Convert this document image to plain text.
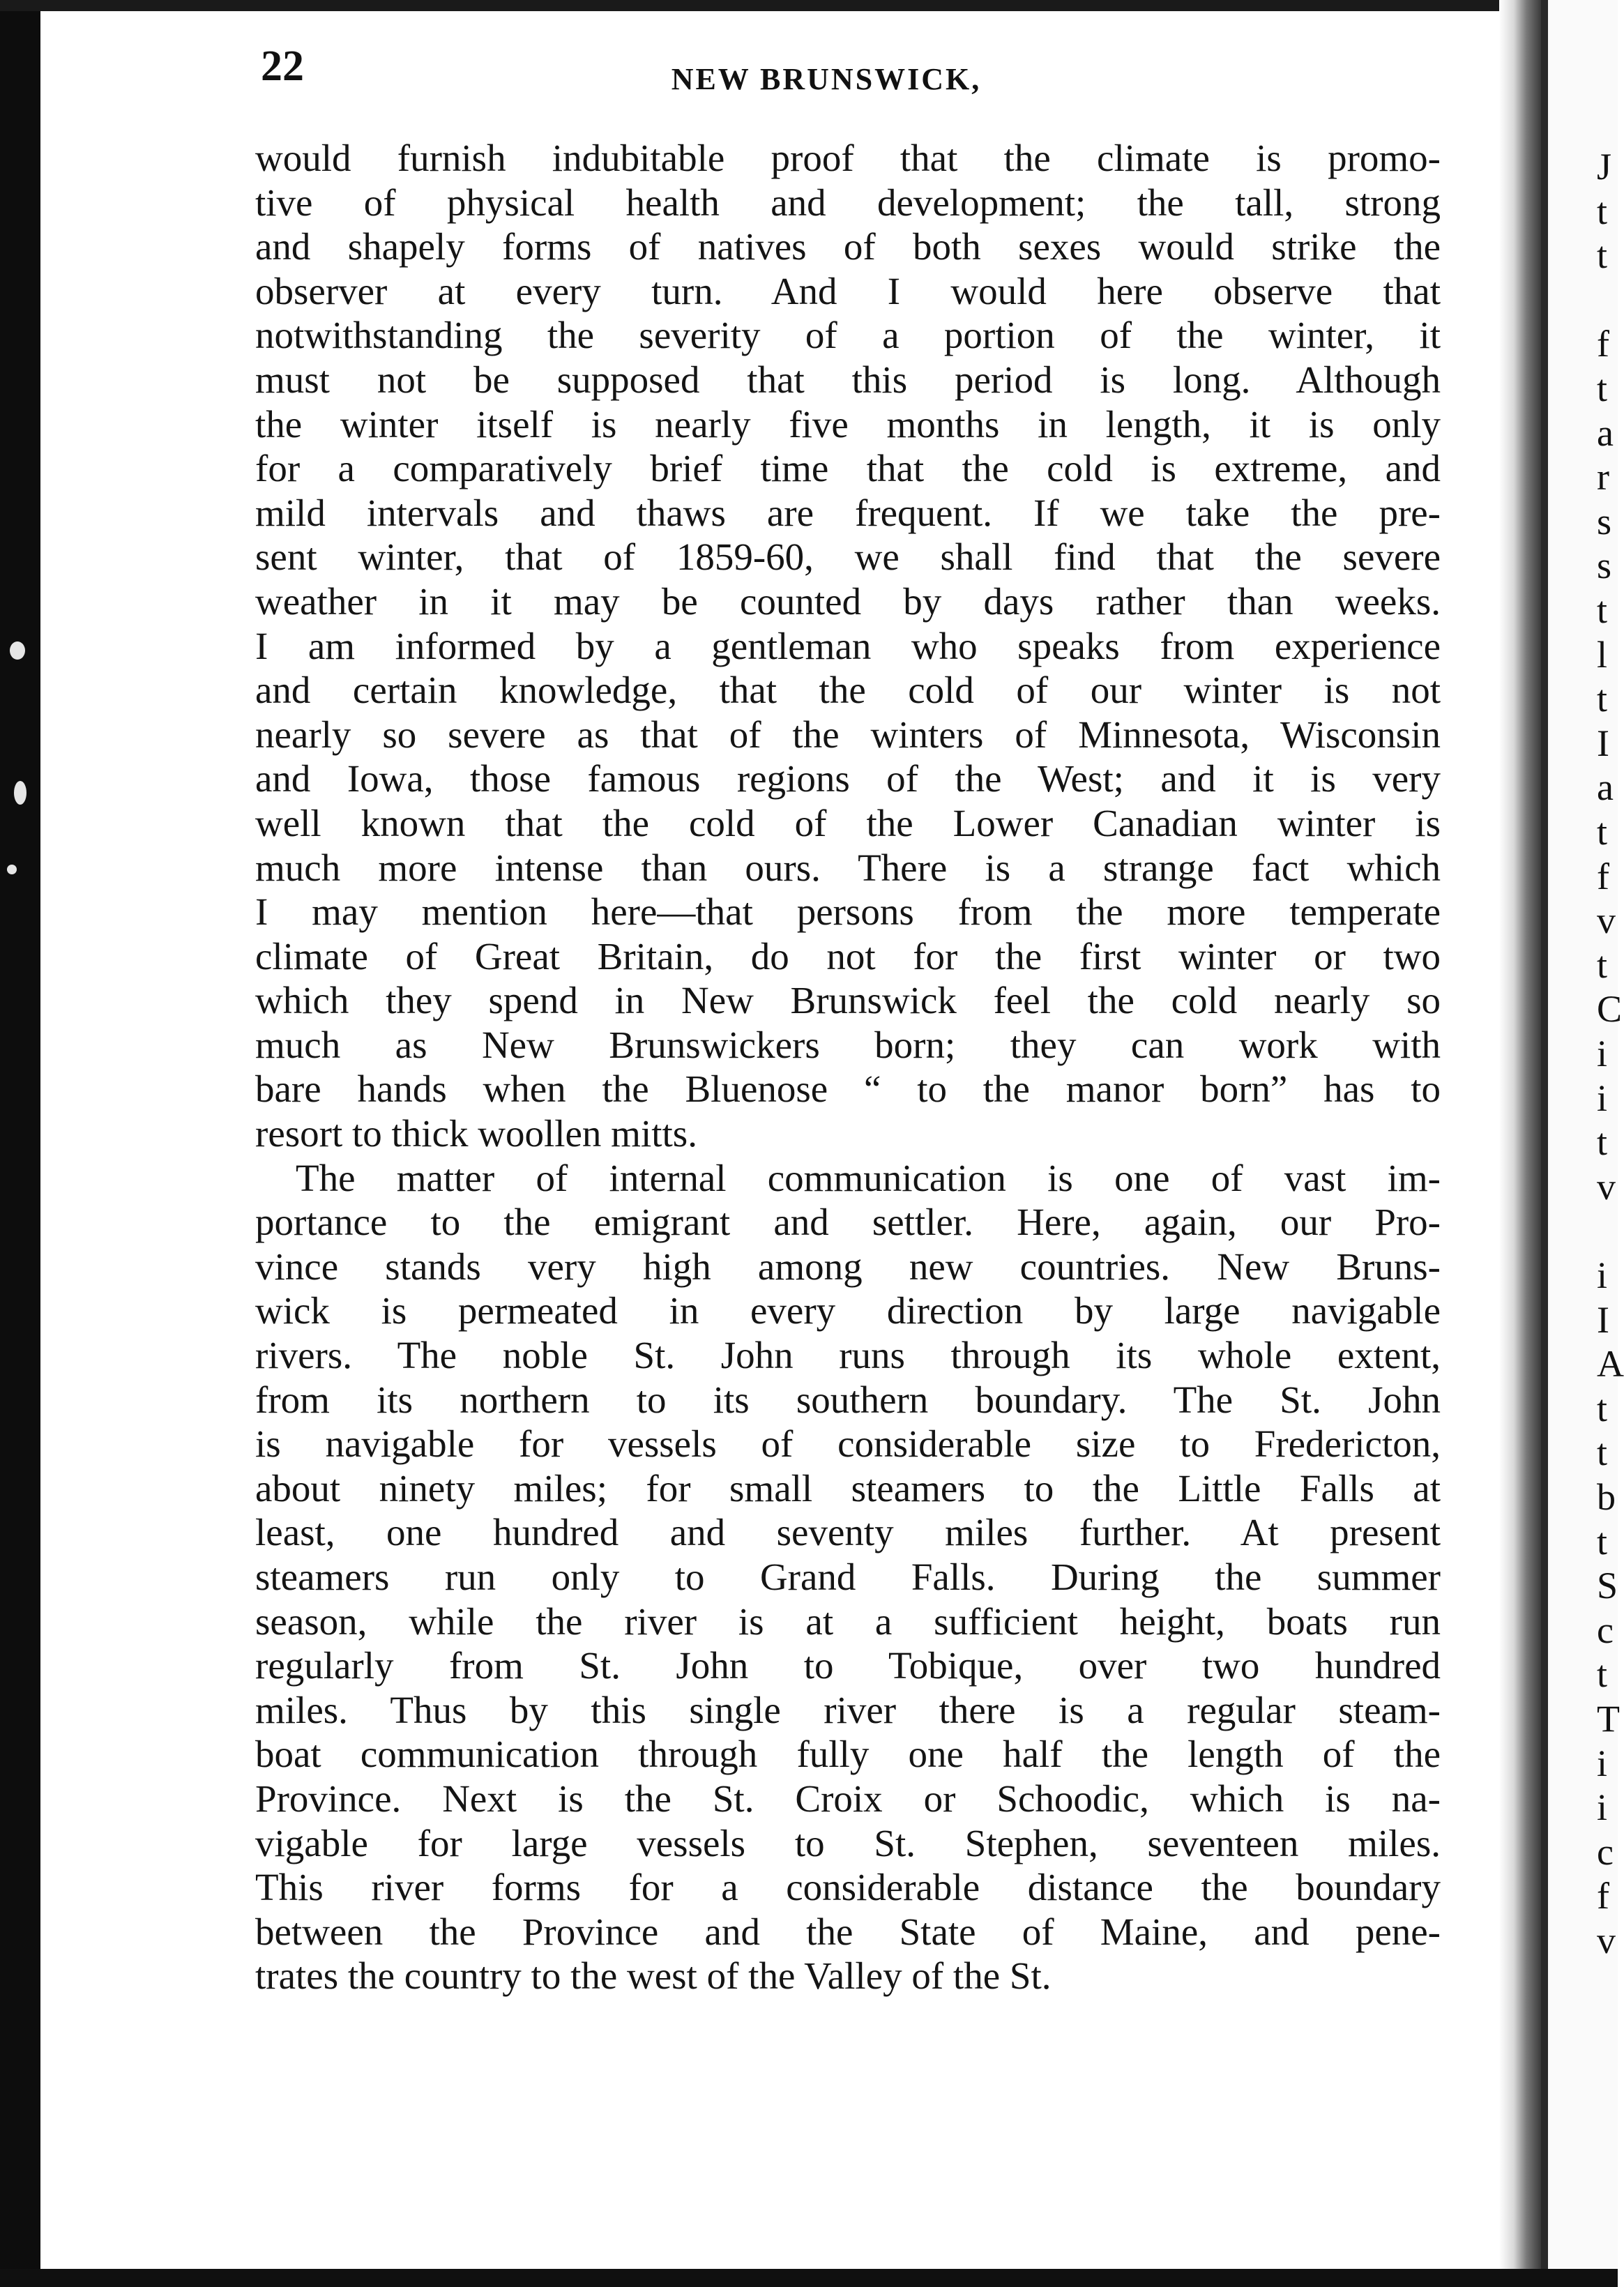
22	NEW BRUNSWICK,
would furnish indubitable proof that the climate is promo-
tive of physical health and development; the tall, strong
and shapely forms of natives of both sexes would strike the
observer at every turn. And I would here observe that
notwithstanding the severity of a portion of the winter, it
must not be supposed that this period is long. Although
the winter itself is nearly five months in length, it is only
for a comparatively brief time that the cold is extreme, and
mild intervals and thaws are frequent. If we take the pre-
sent winter, that of 1859-60, we shall find that the severe
weather in it may be counted by days rather than weeks.
I am informed by a gentleman who speaks from experience
and certain knowledge, that the cold of our winter is not
nearly so severe as that of the winters of Minnesota, Wisconsin
and Iowa, those famous regions of the West; and it is very
well known that the cold of the Lower Canadian winter is
much more intense than ours. There is a strange fact which
I may mention here—that persons from the more temperate
climate of Great Britain, do not for the first winter or two
which they spend in New Brunswick feel the cold nearly so
much as New Brunswickers born; they can work with
bare hands when the Bluenose “ to the manor born” has to
resort to thick woollen mitts.
The matter of internal communication is one of vast im-
portance to the emigrant and settler. Here, again, our Pro-
vince stands very high among new countries. New Bruns-
wick is permeated in every direction by large navigable
rivers. The noble St. John runs through its whole extent,
from its northern to its southern boundary. The St. John
is navigable for vessels of considerable size to Fredericton,
about ninety miles; for small steamers to the Little Falls at
least, one hundred and seventy miles further. At present
steamers run only to Grand Falls. During the summer
season, while the river is at a sufficient height, boats run
regularly from St. John to Tobique, over two hundred
miles. Thus by this single river there is a regular steam-
boat communication through fully one half the length of the
Province. Next is the St. Croix or Schoodic, which is na-
vigable for large vessels to St. Stephen, seventeen miles.
This river forms for a considerable distance the boundary
between the Province and the State of Maine, and pene-
trates the country to the west of the Valley of the St.
J
t
t
f
t
a
r
s
s
t
l
t
I
a
t
f
v
t
C
i
i
t
v
i
I
A
t
t
b
t
S
c
t
T
i
i
c
f
v
